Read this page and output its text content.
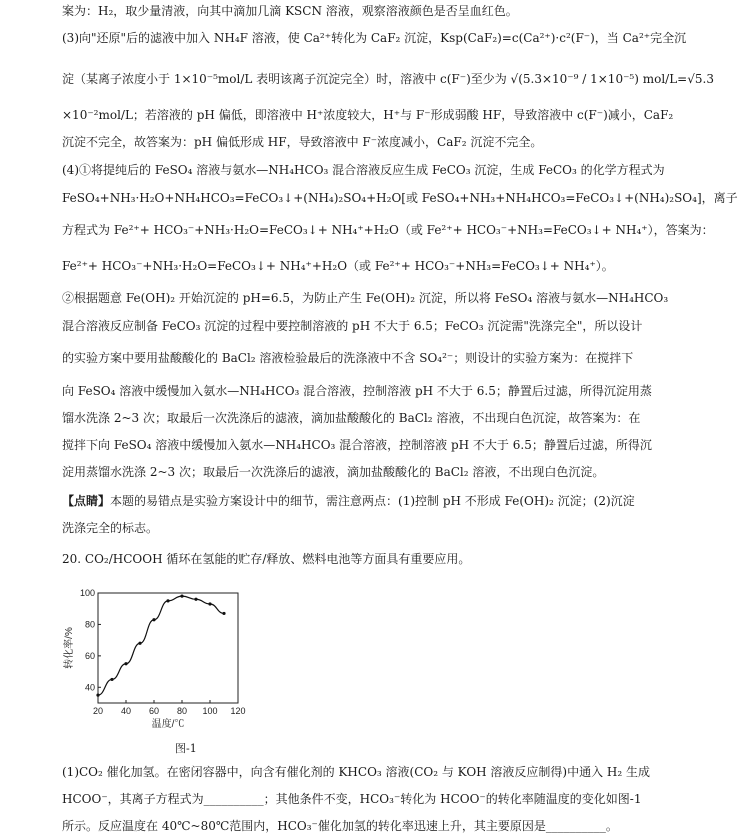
案为：H₂，取少量清液，向其中滴加几滴 KSCN 溶液，观察溶液颜色是否呈血红色。
(3)向"还原"后的滤液中加入 NH₄F 溶液，使 Ca²⁺转化为 CaF₂ 沉淀，Ksp(CaF₂)=c(Ca²⁺)·c²(F⁻)，当 Ca²⁺完全沉
淀（某离子浓度小于 1×10⁻⁵mol/L 表明该离子沉淀完全）时，溶液中 c(F⁻)至少为 √(5.3×10⁻⁹ / 1×10⁻⁵) mol/L=√5.3
×10⁻²mol/L；若溶液的 pH 偏低，即溶液中 H⁺浓度较大，H⁺与 F⁻形成弱酸 HF，导致溶液中 c(F⁻)减小，CaF₂
沉淀不完全，故答案为：pH 偏低形成 HF，导致溶液中 F⁻浓度减小，CaF₂ 沉淀不完全。
(4)①将提纯后的 FeSO₄ 溶液与氨水—NH₄HCO₃ 混合溶液反应生成 FeCO₃ 沉淀，生成 FeCO₃ 的化学方程式为
FeSO₄+NH₃·H₂O+NH₄HCO₃=FeCO₃↓+(NH₄)₂SO₄+H₂O[或 FeSO₄+NH₃+NH₄HCO₃=FeCO₃↓+(NH₄)₂SO₄]，离子
方程式为 Fe²⁺+ HCO₃⁻+NH₃·H₂O=FeCO₃↓+ NH₄⁺+H₂O（或 Fe²⁺+ HCO₃⁻+NH₃=FeCO₃↓+ NH₄⁺），答案为：
Fe²⁺+ HCO₃⁻+NH₃·H₂O=FeCO₃↓+ NH₄⁺+H₂O（或 Fe²⁺+ HCO₃⁻+NH₃=FeCO₃↓+ NH₄⁺）。
②根据题意 Fe(OH)₂ 开始沉淀的 pH=6.5，为防止产生 Fe(OH)₂ 沉淀，所以将 FeSO₄ 溶液与氨水—NH₄HCO₃
混合溶液反应制备 FeCO₃ 沉淀的过程中要控制溶液的 pH 不大于 6.5；FeCO₃ 沉淀需"洗涤完全"，所以设计
的实验方案中要用盐酸酸化的 BaCl₂ 溶液检验最后的洗涤液中不含 SO₄²⁻；则设计的实验方案为：在搅拌下
向 FeSO₄ 溶液中缓慢加入氨水—NH₄HCO₃ 混合溶液，控制溶液 pH 不大于 6.5；静置后过滤，所得沉淀用蒸
馏水洗涤 2~3 次；取最后一次洗涤后的滤液，滴加盐酸酸化的 BaCl₂ 溶液，不出现白色沉淀，故答案为：在
搅拌下向 FeSO₄ 溶液中缓慢加入氨水—NH₄HCO₃ 混合溶液，控制溶液 pH 不大于 6.5；静置后过滤，所得沉
淀用蒸馏水洗涤 2~3 次；取最后一次洗涤后的滤液，滴加盐酸酸化的 BaCl₂ 溶液，不出现白色沉淀。
【点睛】本题的易错点是实验方案设计中的细节，需注意两点：(1)控制 pH 不形成 Fe(OH)₂ 沉淀；(2)沉淀
洗涤完全的标志。
20. CO₂/HCOOH 循环在氢能的贮存/释放、燃料电池等方面具有重要应用。
(1)CO₂ 催化加氢。在密闭容器中，向含有催化剂的 KHCO₃ 溶液(CO₂ 与 KOH 溶液反应制得)中通入 H₂ 生成
HCOO⁻，其离子方程式为__________；其他条件不变，HCO₃⁻转化为 HCOO⁻的转化率随温度的变化如图-1
所示。反应温度在 40℃~80℃范围内，HCO₃⁻催化加氢的转化率迅速上升，其主要原因是__________。
20 40 60 80 100 120
40
60
80
100
温度/℃
转化率/%
图-1
